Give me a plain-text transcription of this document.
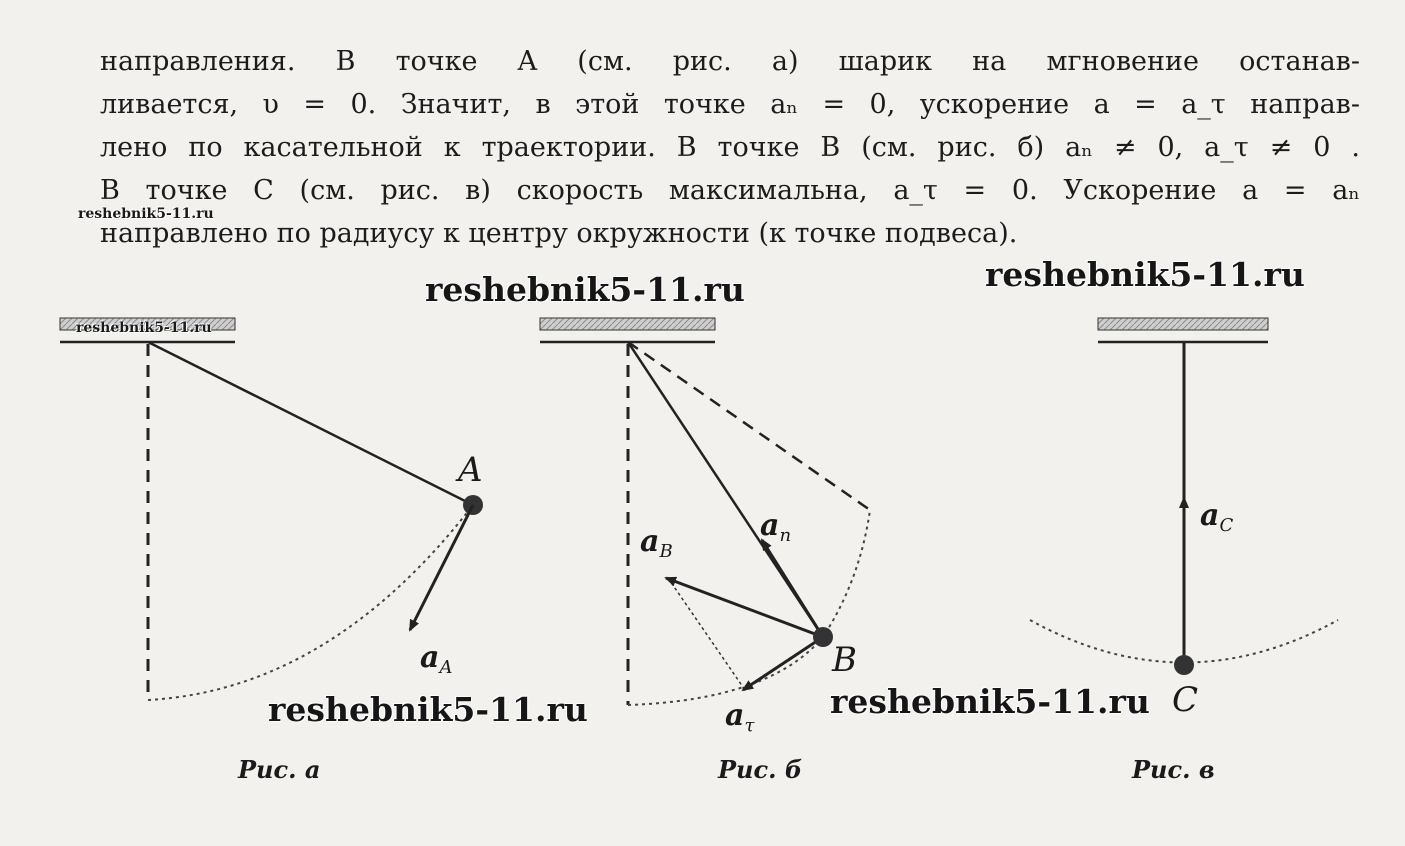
направления. В точке A (см. рис. а) шарик на мгновение останав-
ливается, υ = 0. Значит, в этой точке aₙ = 0, ускорение a = a_τ направ-
лено по касательной к траектории. В точке B (см. рис. б) aₙ ≠ 0, a_τ ≠ 0 .
В точке C (см. рис. в) скорость максимальна, a_τ = 0. Ускорение a = aₙ
направлено по радиусу к центру окружности (к точке подвеса).
A
$a_A$
$a_B$
$a_n$
$a_\tau$
B
$a_C$
C
Рис. а	Рис. б	Рис. в
reshebnik5-11.ru
reshebnik5-11.ru
reshebnik5-11.ru	reshebnik5-11.ru
reshebnik5-11.ru	reshebnik5-11.ru
